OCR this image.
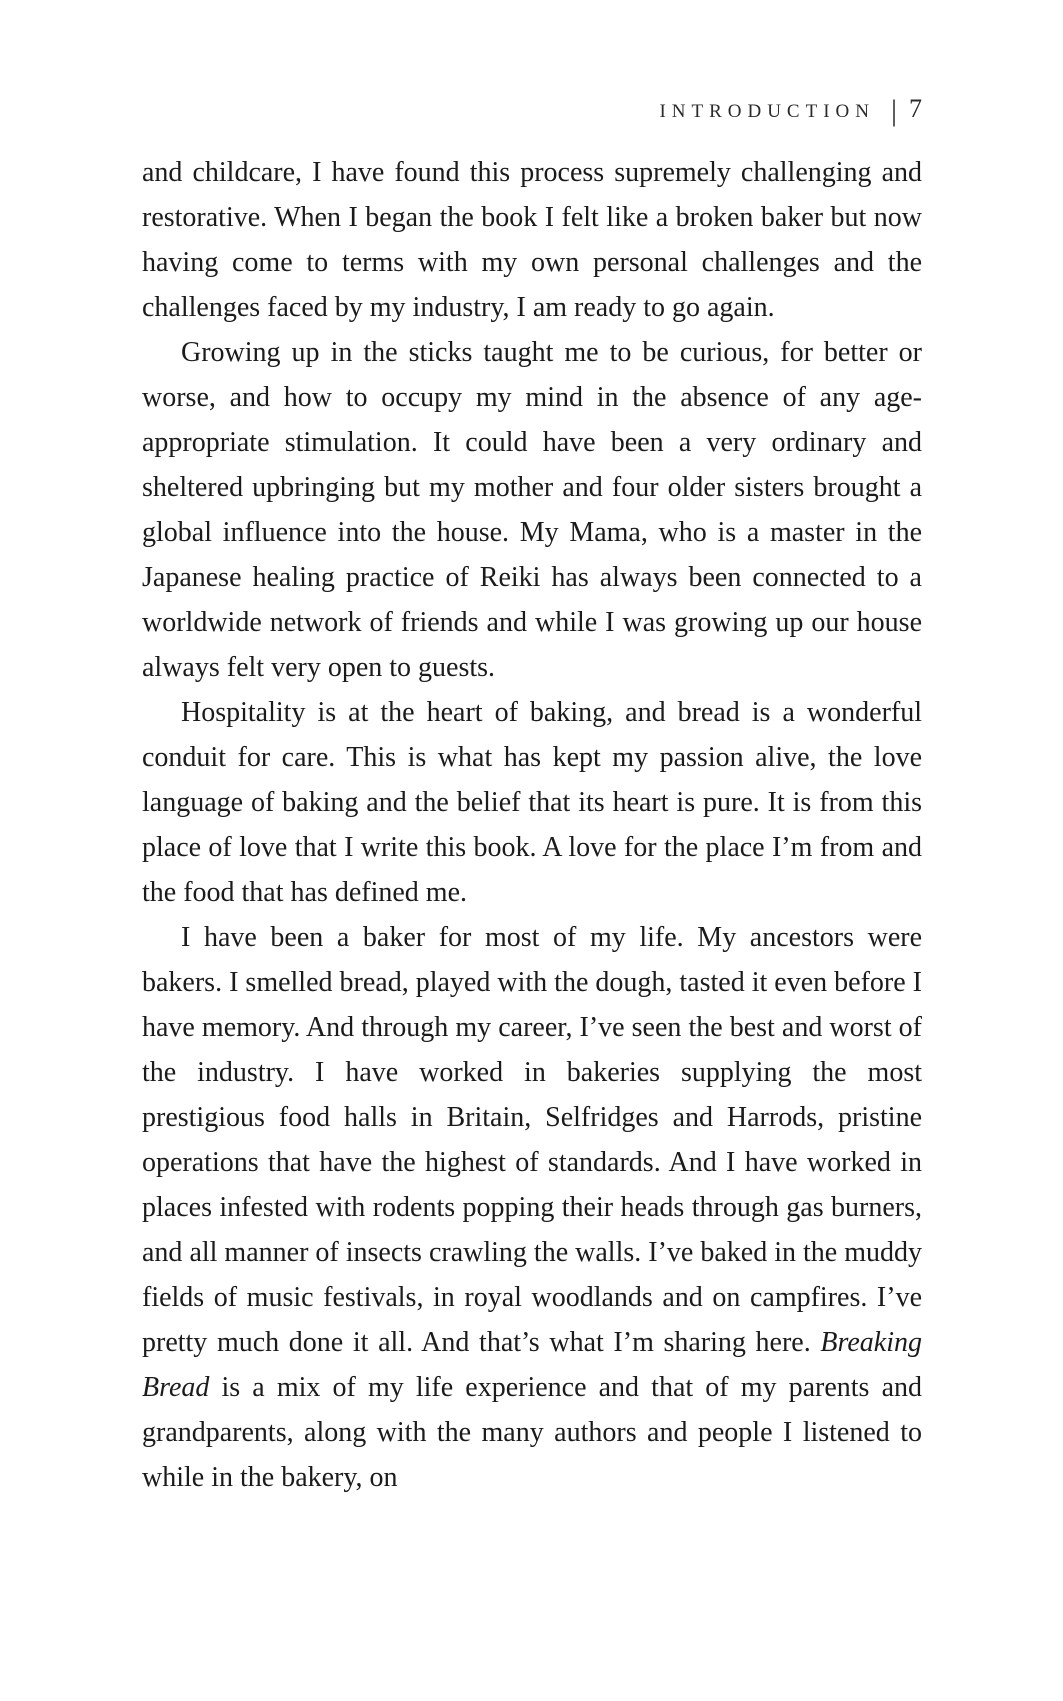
INTRODUCTION | 7

and childcare, I have found this process supremely challenging and restorative. When I began the book I felt like a broken baker but now having come to terms with my own personal challenges and the challenges faced by my industry, I am ready to go again.

Growing up in the sticks taught me to be curious, for better or worse, and how to occupy my mind in the absence of any age-appropriate stimulation. It could have been a very ordinary and sheltered upbringing but my mother and four older sisters brought a global influence into the house. My Mama, who is a master in the Japanese healing practice of Reiki has always been connected to a worldwide network of friends and while I was growing up our house always felt very open to guests.

Hospitality is at the heart of baking, and bread is a wonderful conduit for care. This is what has kept my passion alive, the love language of baking and the belief that its heart is pure. It is from this place of love that I write this book. A love for the place I’m from and the food that has defined me.

I have been a baker for most of my life. My ancestors were bakers. I smelled bread, played with the dough, tasted it even before I have memory. And through my career, I’ve seen the best and worst of the industry. I have worked in bakeries supplying the most prestigious food halls in Britain, Selfridges and Harrods, pristine operations that have the highest of standards. And I have worked in places infested with rodents popping their heads through gas burners, and all manner of insects crawling the walls. I’ve baked in the muddy fields of music festivals, in royal woodlands and on campfires. I’ve pretty much done it all. And that’s what I’m sharing here. Breaking Bread is a mix of my life experience and that of my parents and grandparents, along with the many authors and people I listened to while in the bakery, on
